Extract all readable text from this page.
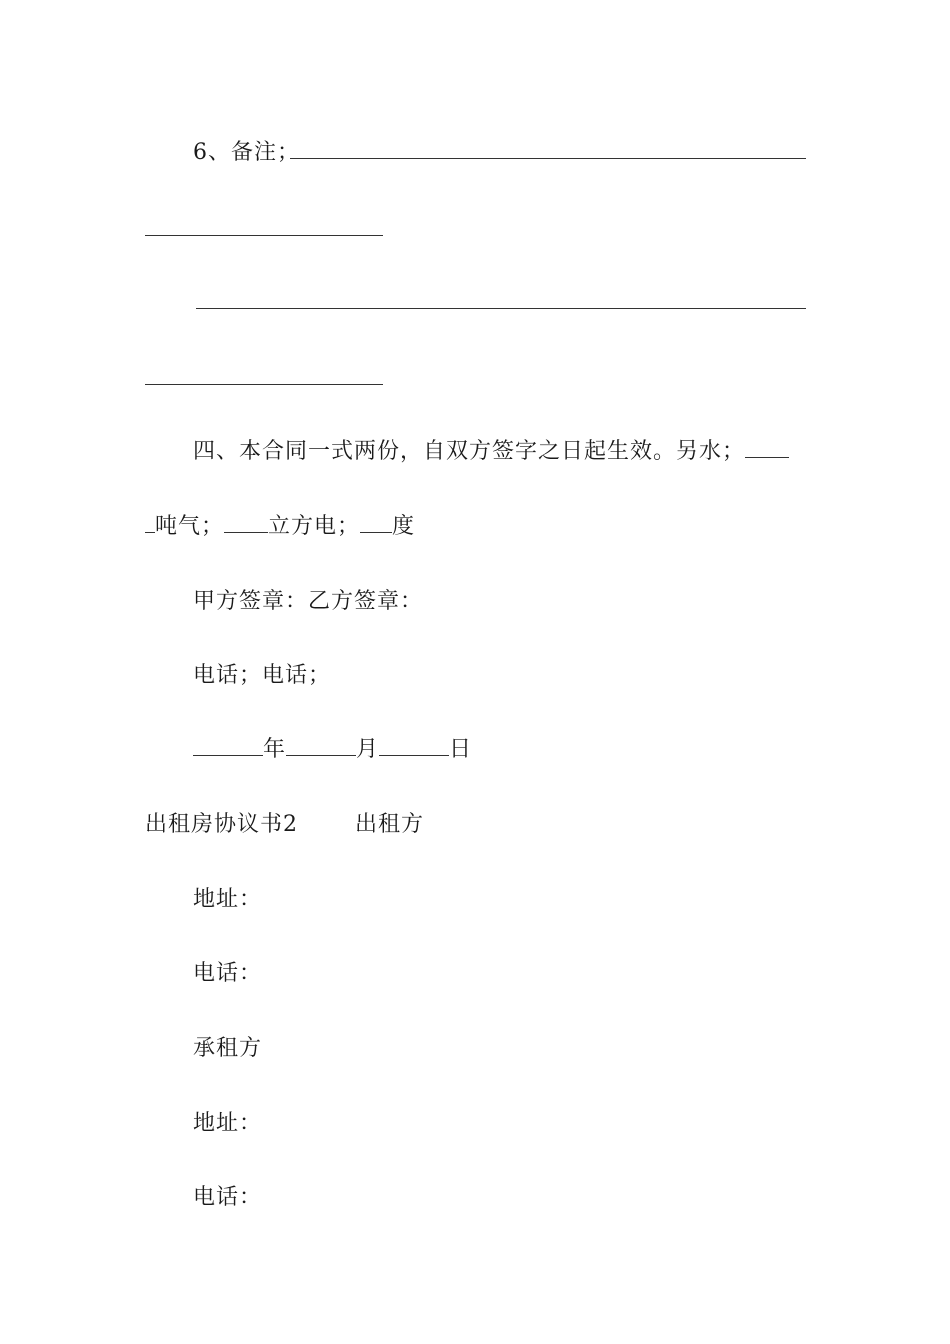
6、备注；
四、本合同一式两份，自双方签字之日起生效。另水；
吨气； 立方电； 度
甲方签章：乙方签章：
电话；电话；
年	月	日
出租房协议书2	出租方
地址：
电话：
承租方
地址：
电话：
